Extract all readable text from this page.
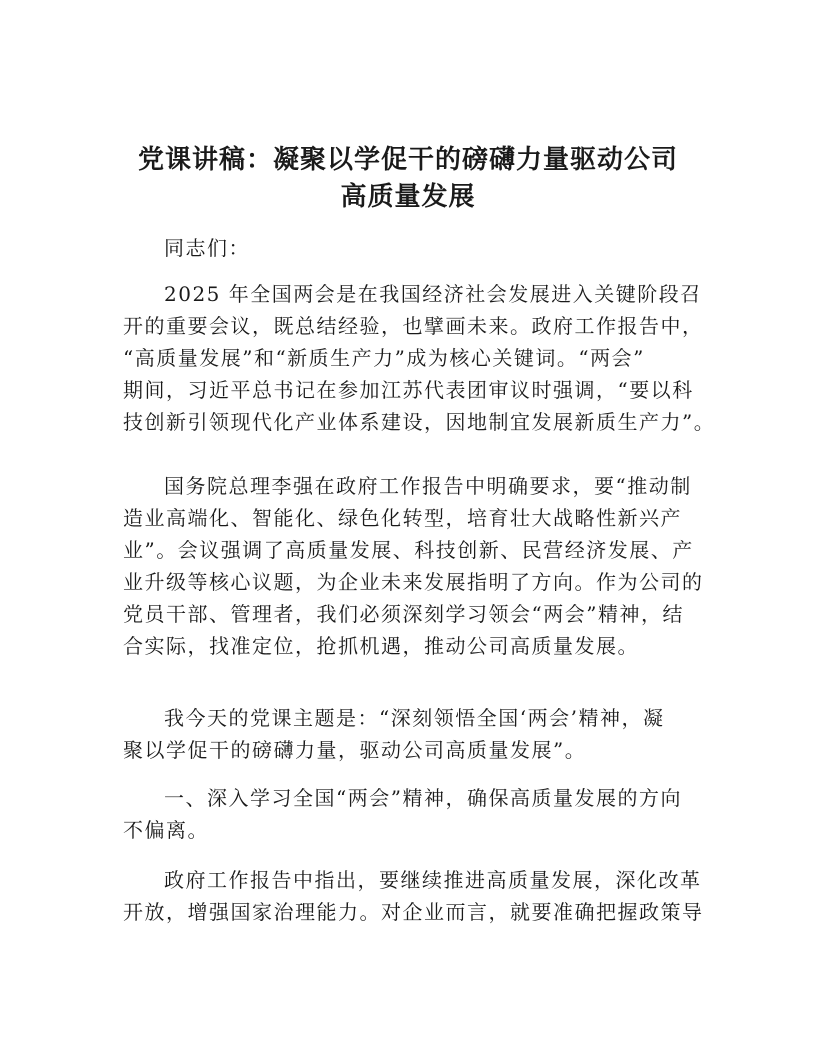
党课讲稿：凝聚以学促干的磅礴力量驱动公司
高质量发展

同志们：

2025 年全国两会是在我国经济社会发展进入关键阶段召
开的重要会议，既总结经验，也擘画未来。政府工作报告中，
“高质量发展”和“新质生产力”成为核心关键词。“两会”
期间，习近平总书记在参加江苏代表团审议时强调，“要以科
技创新引领现代化产业体系建设，因地制宜发展新质生产力”。

国务院总理李强在政府工作报告中明确要求，要“推动制
造业高端化、智能化、绿色化转型，培育壮大战略性新兴产
业”。会议强调了高质量发展、科技创新、民营经济发展、产
业升级等核心议题，为企业未来发展指明了方向。作为公司的
党员干部、管理者，我们必须深刻学习领会“两会”精神，结
合实际，找准定位，抢抓机遇，推动公司高质量发展。

我今天的党课主题是：“深刻领悟全国‘两会’精神，凝
聚以学促干的磅礴力量，驱动公司高质量发展”。

一、深入学习全国“两会”精神，确保高质量发展的方向
不偏离。

政府工作报告中指出，要继续推进高质量发展，深化改革
开放，增强国家治理能力。对企业而言，就要准确把握政策导
